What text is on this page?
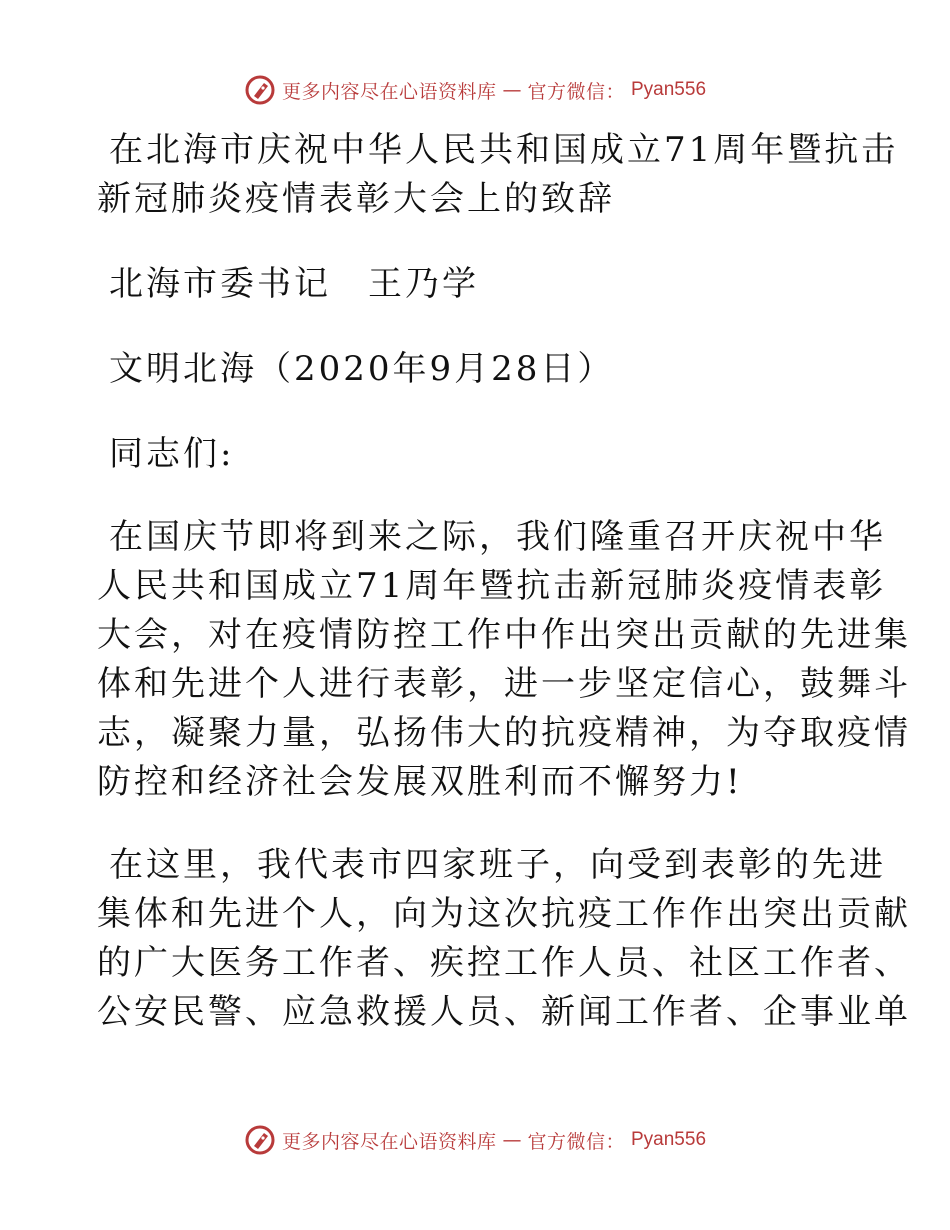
更多内容尽在心语资料库 — 官方微信： Pyan556

在北海市庆祝中华人民共和国成立71周年暨抗击

新冠肺炎疫情表彰大会上的致辞

北海市委书记　王乃学

文明北海（2020年9月28日）

同志们:

在国庆节即将到来之际，我们隆重召开庆祝中华

人民共和国成立71周年暨抗击新冠肺炎疫情表彰

大会，对在疫情防控工作中作出突出贡献的先进集

体和先进个人进行表彰，进一步坚定信心，鼓舞斗

志，凝聚力量，弘扬伟大的抗疫精神，为夺取疫情

防控和经济社会发展双胜利而不懈努力!

在这里，我代表市四家班子，向受到表彰的先进

集体和先进个人，向为这次抗疫工作作出突出贡献

的广大医务工作者、疾控工作人员、社区工作者、

公安民警、应急救援人员、新闻工作者、企事业单

更多内容尽在心语资料库 — 官方微信： Pyan556
